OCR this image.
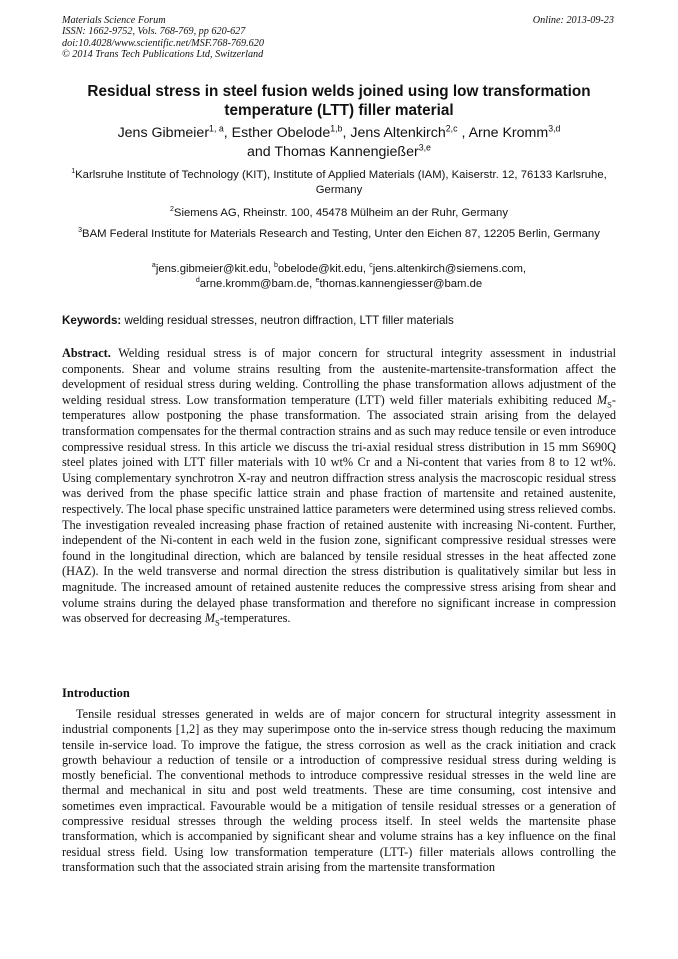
Materials Science Forum
ISSN: 1662-9752, Vols. 768-769, pp 620-627
doi:10.4028/www.scientific.net/MSF.768-769.620
© 2014 Trans Tech Publications Ltd, Switzerland
Online: 2013-09-23
Residual stress in steel fusion welds joined using low transformation temperature (LTT) filler material
Jens Gibmeier$^{1, a}$, Esther Obelode$^{1,b}$, Jens Altenkirch$^{2,c}$ , Arne Kromm$^{3,d}$
and Thomas Kannengießer$^{3,e}$
$^1$Karlsruhe Institute of Technology (KIT), Institute of Applied Materials (IAM), Kaiserstr. 12, 76133 Karlsruhe, Germany
$^2$Siemens AG, Rheinstr. 100, 45478 Mülheim an der Ruhr, Germany
$^3$BAM Federal Institute for Materials Research and Testing, Unter den Eichen 87, 12205 Berlin, Germany
$^a$jens.gibmeier@kit.edu, $^b$obelode@kit.edu, $^c$jens.altenkirch@siemens.com, $^d$arne.kromm@bam.de, $^e$thomas.kannengiesser@bam.de
Keywords: welding residual stresses, neutron diffraction, LTT filler materials
Abstract. Welding residual stress is of major concern for structural integrity assessment in industrial components. Shear and volume strains resulting from the austenite-martensite-transformation affect the development of residual stress during welding. Controlling the phase transformation allows adjustment of the welding residual stress. Low transformation temperature (LTT) weld filler materials exhibiting reduced $M_S$-temperatures allow postponing the phase transformation. The associated strain arising from the delayed transformation compensates for the thermal contraction strains and as such may reduce tensile or even introduce compressive residual stress. In this article we discuss the tri-axial residual stress distribution in 15 mm S690Q steel plates joined with LTT filler materials with 10 wt% Cr and a Ni-content that varies from 8 to 12 wt%. Using complementary synchrotron X-ray and neutron diffraction stress analysis the macroscopic residual stress was derived from the phase specific lattice strain and phase fraction of martensite and retained austenite, respectively. The local phase specific unstrained lattice parameters were determined using stress relieved combs. The investigation revealed increasing phase fraction of retained austenite with increasing Ni-content. Further, independent of the Ni-content in each weld in the fusion zone, significant compressive residual stresses were found in the longitudinal direction, which are balanced by tensile residual stresses in the heat affected zone (HAZ). In the weld transverse and normal direction the stress distribution is qualitatively similar but less in magnitude. The increased amount of retained austenite reduces the compressive stress arising from shear and volume strains during the delayed phase transformation and therefore no significant increase in compression was observed for decreasing $M_S$-temperatures.
Introduction
Tensile residual stresses generated in welds are of major concern for structural integrity assessment in industrial components [1,2] as they may superimpose onto the in-service stress though reducing the maximum tensile in-service load. To improve the fatigue, the stress corrosion as well as the crack initiation and crack growth behaviour a reduction of tensile or a introduction of compressive residual stress during welding is mostly beneficial. The conventional methods to introduce compressive residual stresses in the weld line are thermal and mechanical in situ and post weld treatments. These are time consuming, cost intensive and sometimes even impractical. Favourable would be a mitigation of tensile residual stresses or a generation of compressive residual stresses through the welding process itself. In steel welds the martensite phase transformation, which is accompanied by significant shear and volume strains has a key influence on the final residual stress field. Using low transformation temperature (LTT-) filler materials allows controlling the transformation such that the associated strain arising from the martensite transformation
